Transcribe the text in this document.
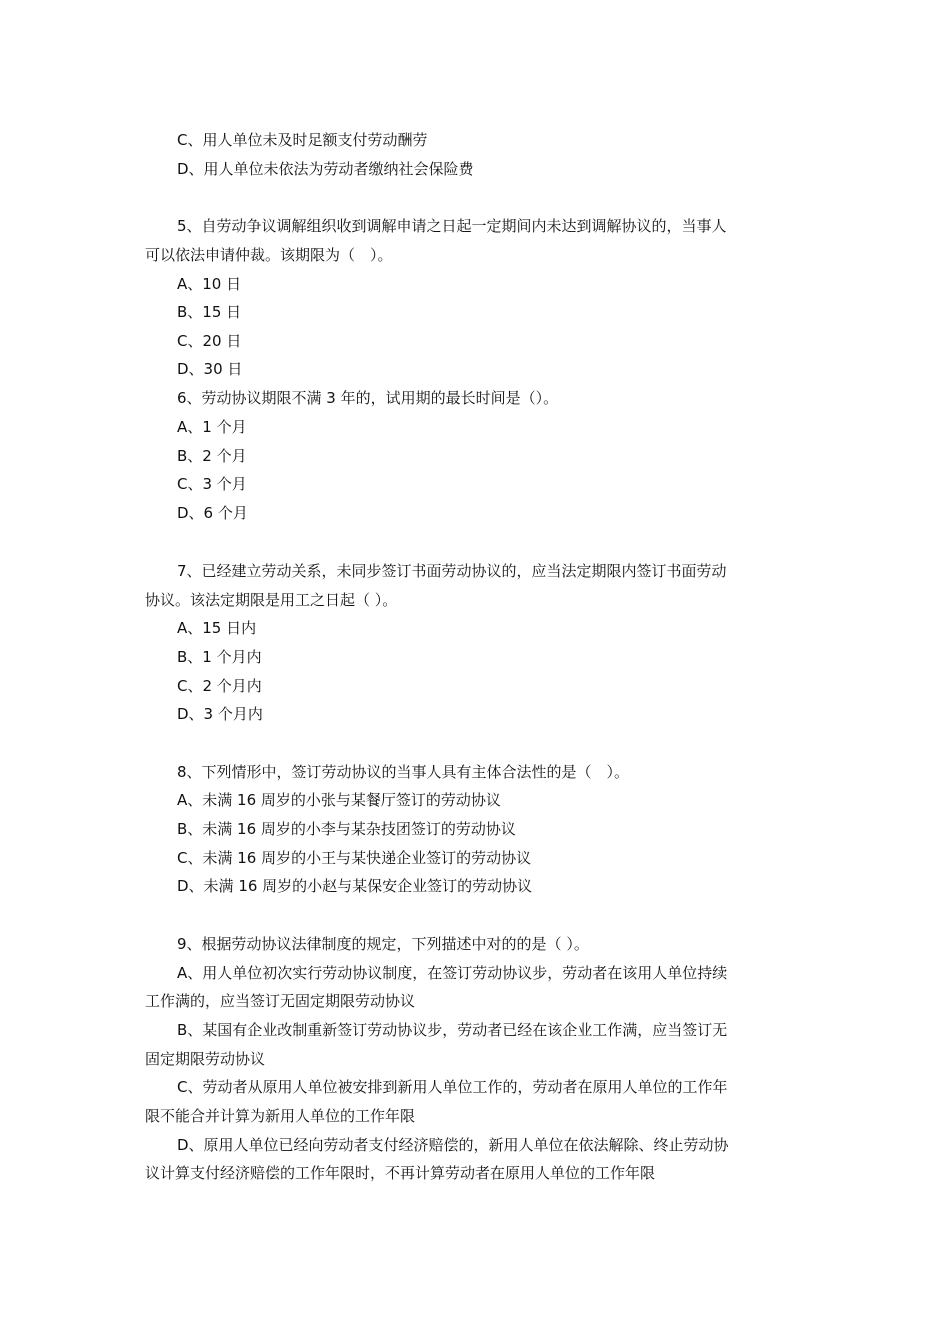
C、用人单位未及时足额支付劳动酬劳
D、用人单位未依法为劳动者缴纳社会保险费
5、自劳动争议调解组织收到调解申请之日起一定期间内未达到调解协议的，当事人
可以依法申请仲裁。该期限为（　）。
A、10 日
B、15 日
C、20 日
D、30 日
6、劳动协议期限不满 3 年的，试用期的最长时间是（）。
A、1 个月
B、2 个月
C、3 个月
D、6 个月
7、已经建立劳动关系，未同步签订书面劳动协议的，应当法定期限内签订书面劳动
协议。该法定期限是用工之日起（ ）。
A、15 日内
B、1 个月内
C、2 个月内
D、3 个月内
8、下列情形中，签订劳动协议的当事人具有主体合法性的是（　）。
A、未满 16 周岁的小张与某餐厅签订的劳动协议
B、未满 16 周岁的小李与某杂技团签订的劳动协议
C、未满 16 周岁的小王与某快递企业签订的劳动协议
D、未满 16 周岁的小赵与某保安企业签订的劳动协议
9、根据劳动协议法律制度的规定，下列描述中对的的是（ ）。
A、用人单位初次实行劳动协议制度，在签订劳动协议步，劳动者在该用人单位持续
工作满的，应当签订无固定期限劳动协议
B、某国有企业改制重新签订劳动协议步，劳动者已经在该企业工作满，应当签订无
固定期限劳动协议
C、劳动者从原用人单位被安排到新用人单位工作的，劳动者在原用人单位的工作年
限不能合并计算为新用人单位的工作年限
D、原用人单位已经向劳动者支付经济赔偿的，新用人单位在依法解除、终止劳动协
议计算支付经济赔偿的工作年限时，不再计算劳动者在原用人单位的工作年限
